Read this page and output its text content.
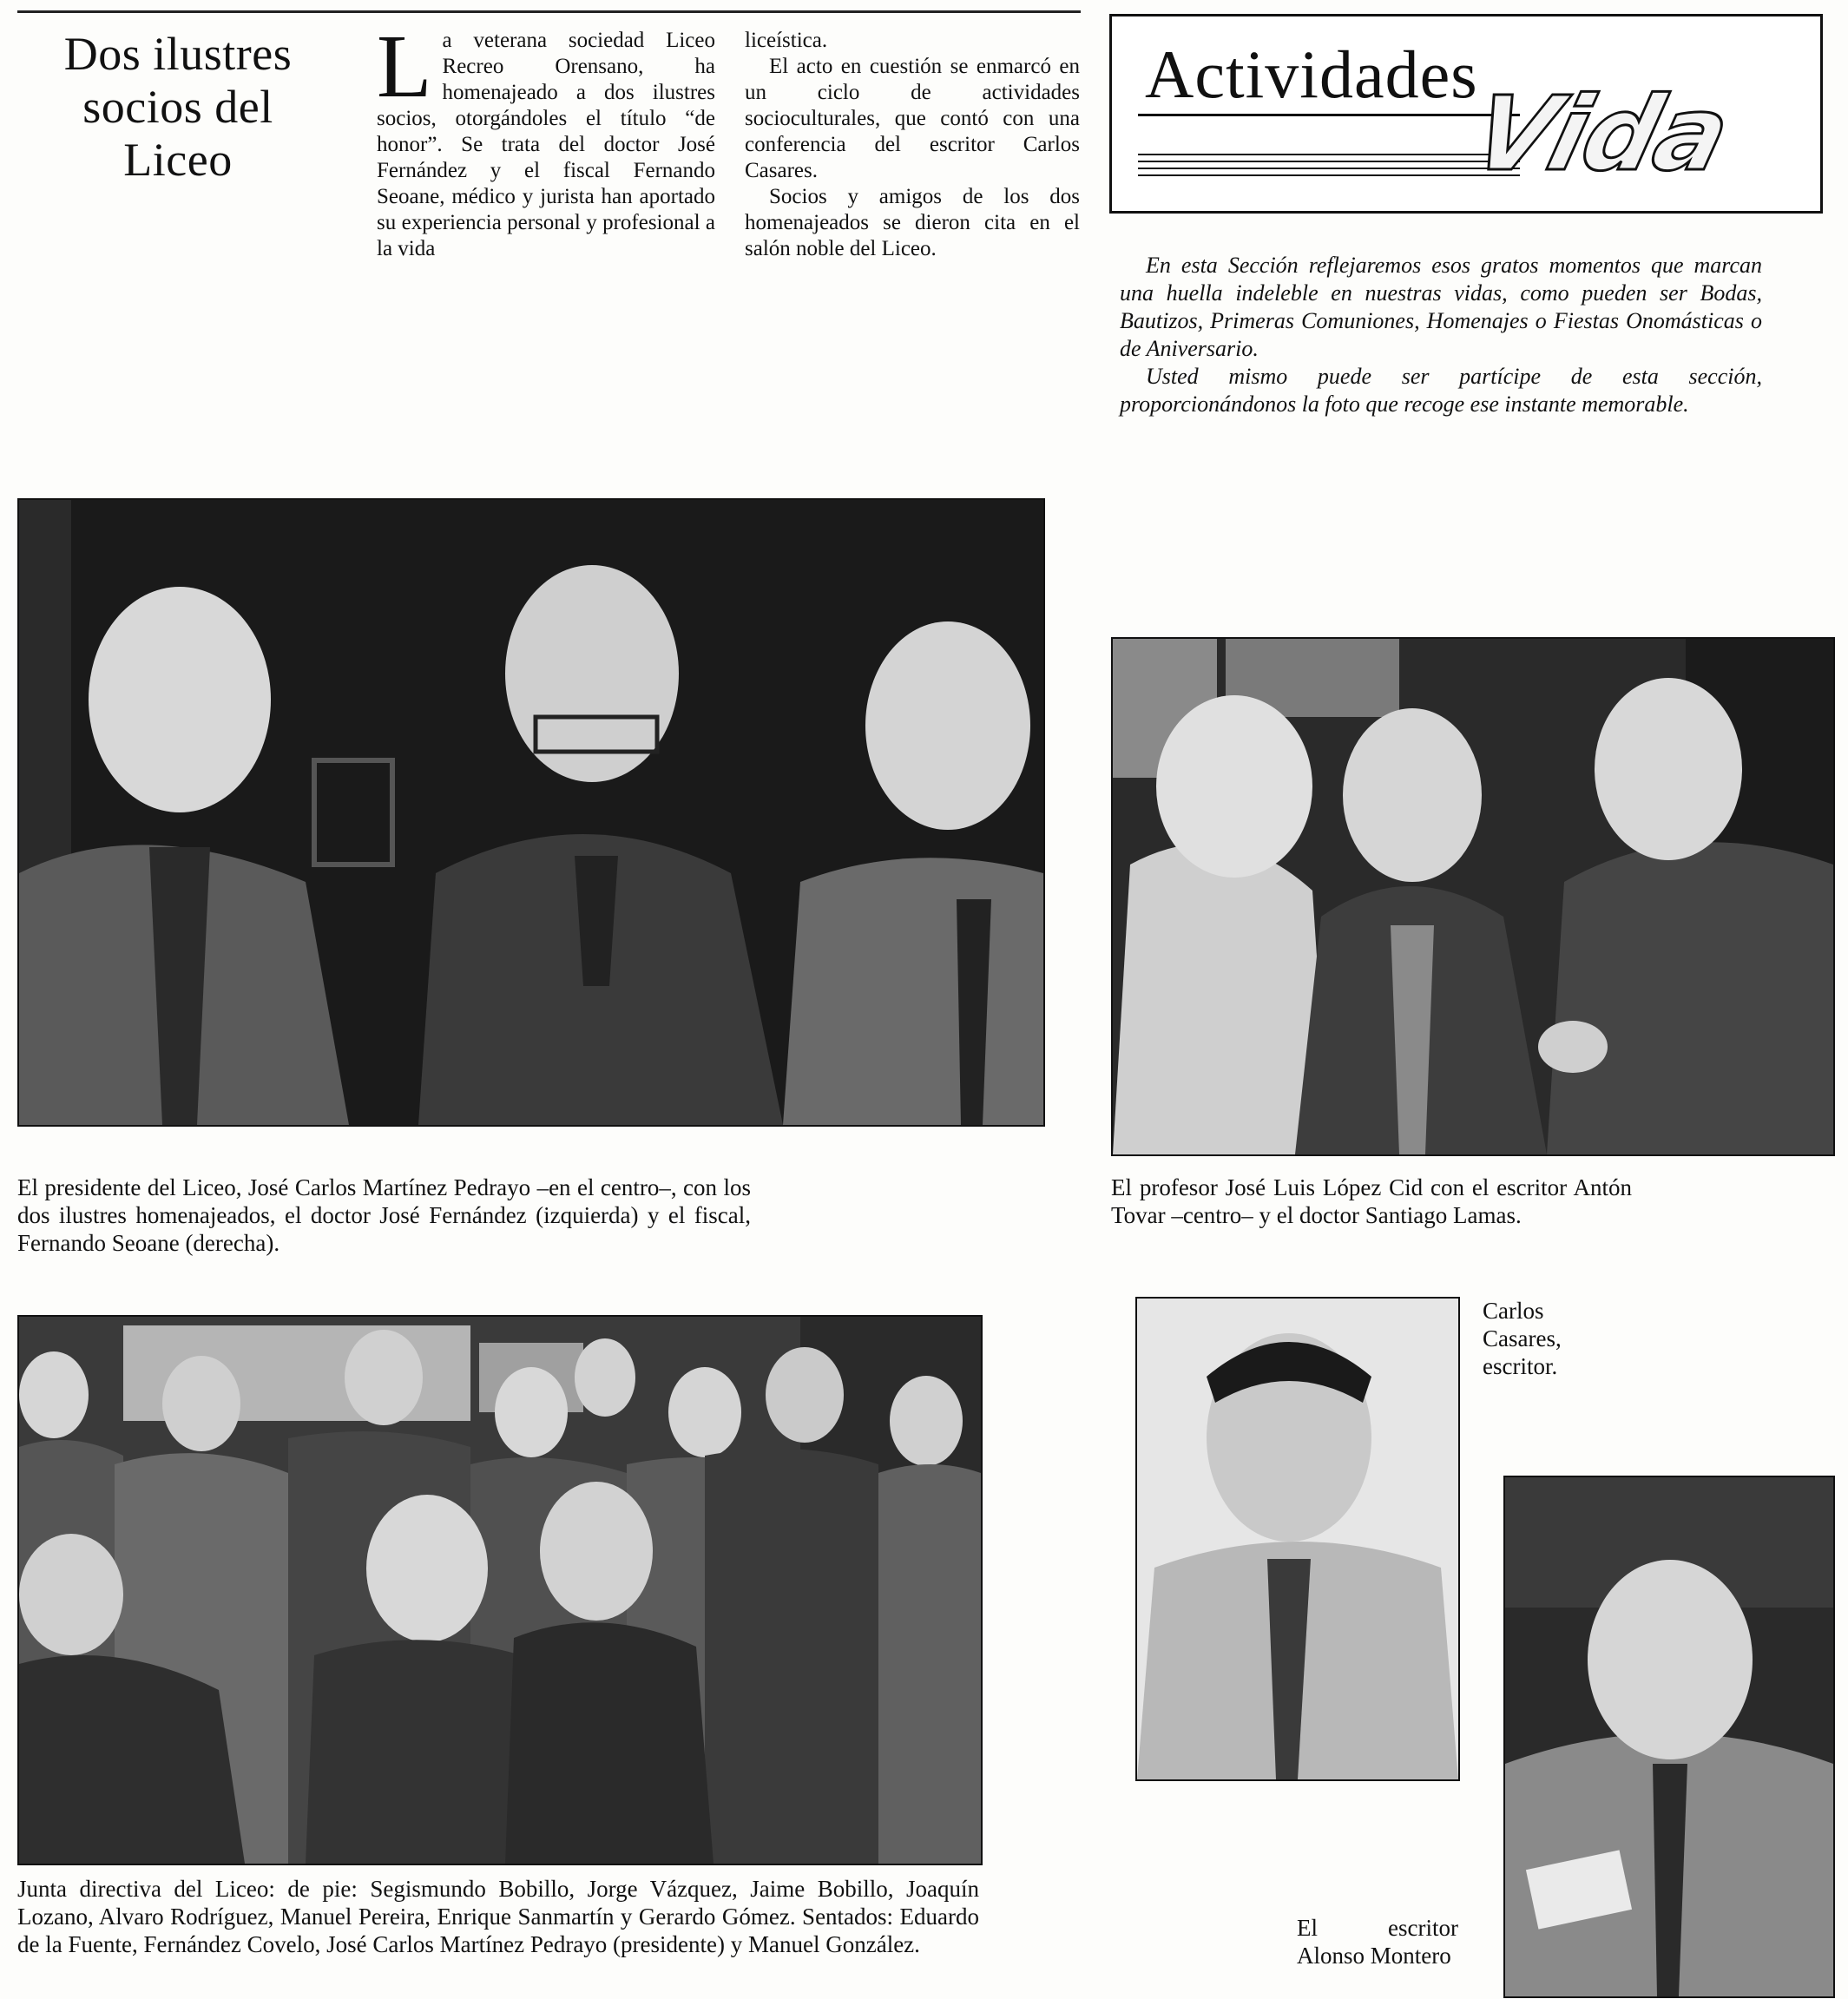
Dos ilustres
socios del
Liceo
L a veterana sociedad Liceo Recreo Orensano, ha homenajeado a dos ilustres socios, otorgándoles el título “de honor”. Se trata del doctor José Fernández y el fiscal Fernando Seoane, médico y jurista han aportado su experiencia personal y profesional a la vida

liceística.

El acto en cuestión se enmarcó en un ciclo de actividades socioculturales, que contó con una conferencia del escritor Carlos Casares.

Socios y amigos de los dos homenajeados se dieron cita en el salón noble del Liceo.

Actividades
Vida

En esta Sección reflejaremos esos gratos momentos que marcan una huella indeleble en nuestras vidas, como pueden ser Bodas, Bautizos, Primeras Comuniones, Homenajes o Fiestas Onomásticas o de Aniversario.

Usted mismo puede ser partícipe de esta sección, proporcionándonos la foto que recoge ese instante memorable.

El presidente del Liceo, José Carlos Martínez Pedrayo –en el centro–, con los dos ilustres homenajeados, el doctor José Fernández (izquierda) y el fiscal, Fernando Seoane (derecha).
El profesor José Luis López Cid con el escritor Antón Tovar –centro– y el doctor Santiago Lamas.
Junta directiva del Liceo: de pie: Segismundo Bobillo, Jorge Vázquez, Jaime Bobillo, Joaquín Lozano, Alvaro Rodríguez, Manuel Pereira, Enrique Sanmartín y Gerardo Gómez. Sentados: Eduardo de la Fuente, Fernández Covelo, José Carlos Martínez Pedrayo (presidente) y Manuel González.
Carlos Casares, escritor.
El escritor Alonso Montero
